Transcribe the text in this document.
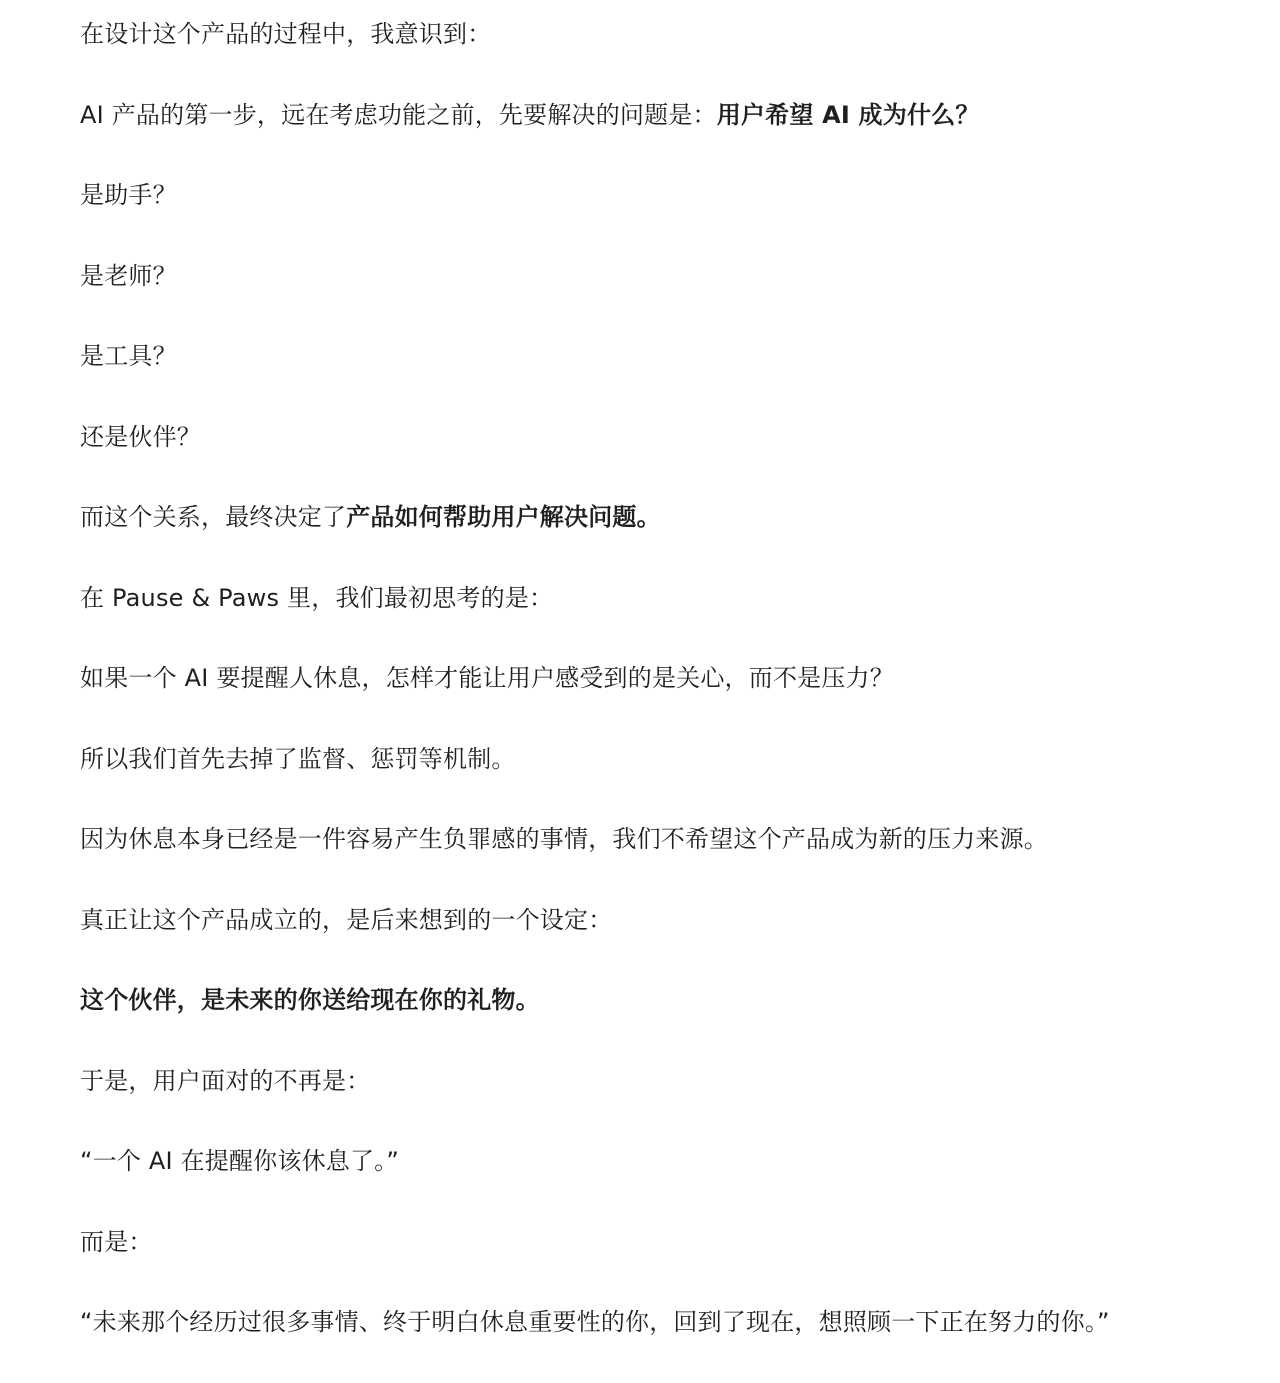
在设计这个产品的过程中，我意识到：

AI 产品的第一步，远在考虑功能之前，先要解决的问题是：用户希望 AI 成为什么？

是助手？

是老师？

是工具？

还是伙伴？

而这个关系，最终决定了产品如何帮助用户解决问题。

在 Pause & Paws 里，我们最初思考的是：

如果一个 AI 要提醒人休息，怎样才能让用户感受到的是关心，而不是压力？

所以我们首先去掉了监督、惩罚等机制。

因为休息本身已经是一件容易产生负罪感的事情，我们不希望这个产品成为新的压力来源。

真正让这个产品成立的，是后来想到的一个设定：

这个伙伴，是未来的你送给现在你的礼物。

于是，用户面对的不再是：

“一个 AI 在提醒你该休息了。”

而是：

“未来那个经历过很多事情、终于明白休息重要性的你，回到了现在，想照顾一下正在努力的你。”
